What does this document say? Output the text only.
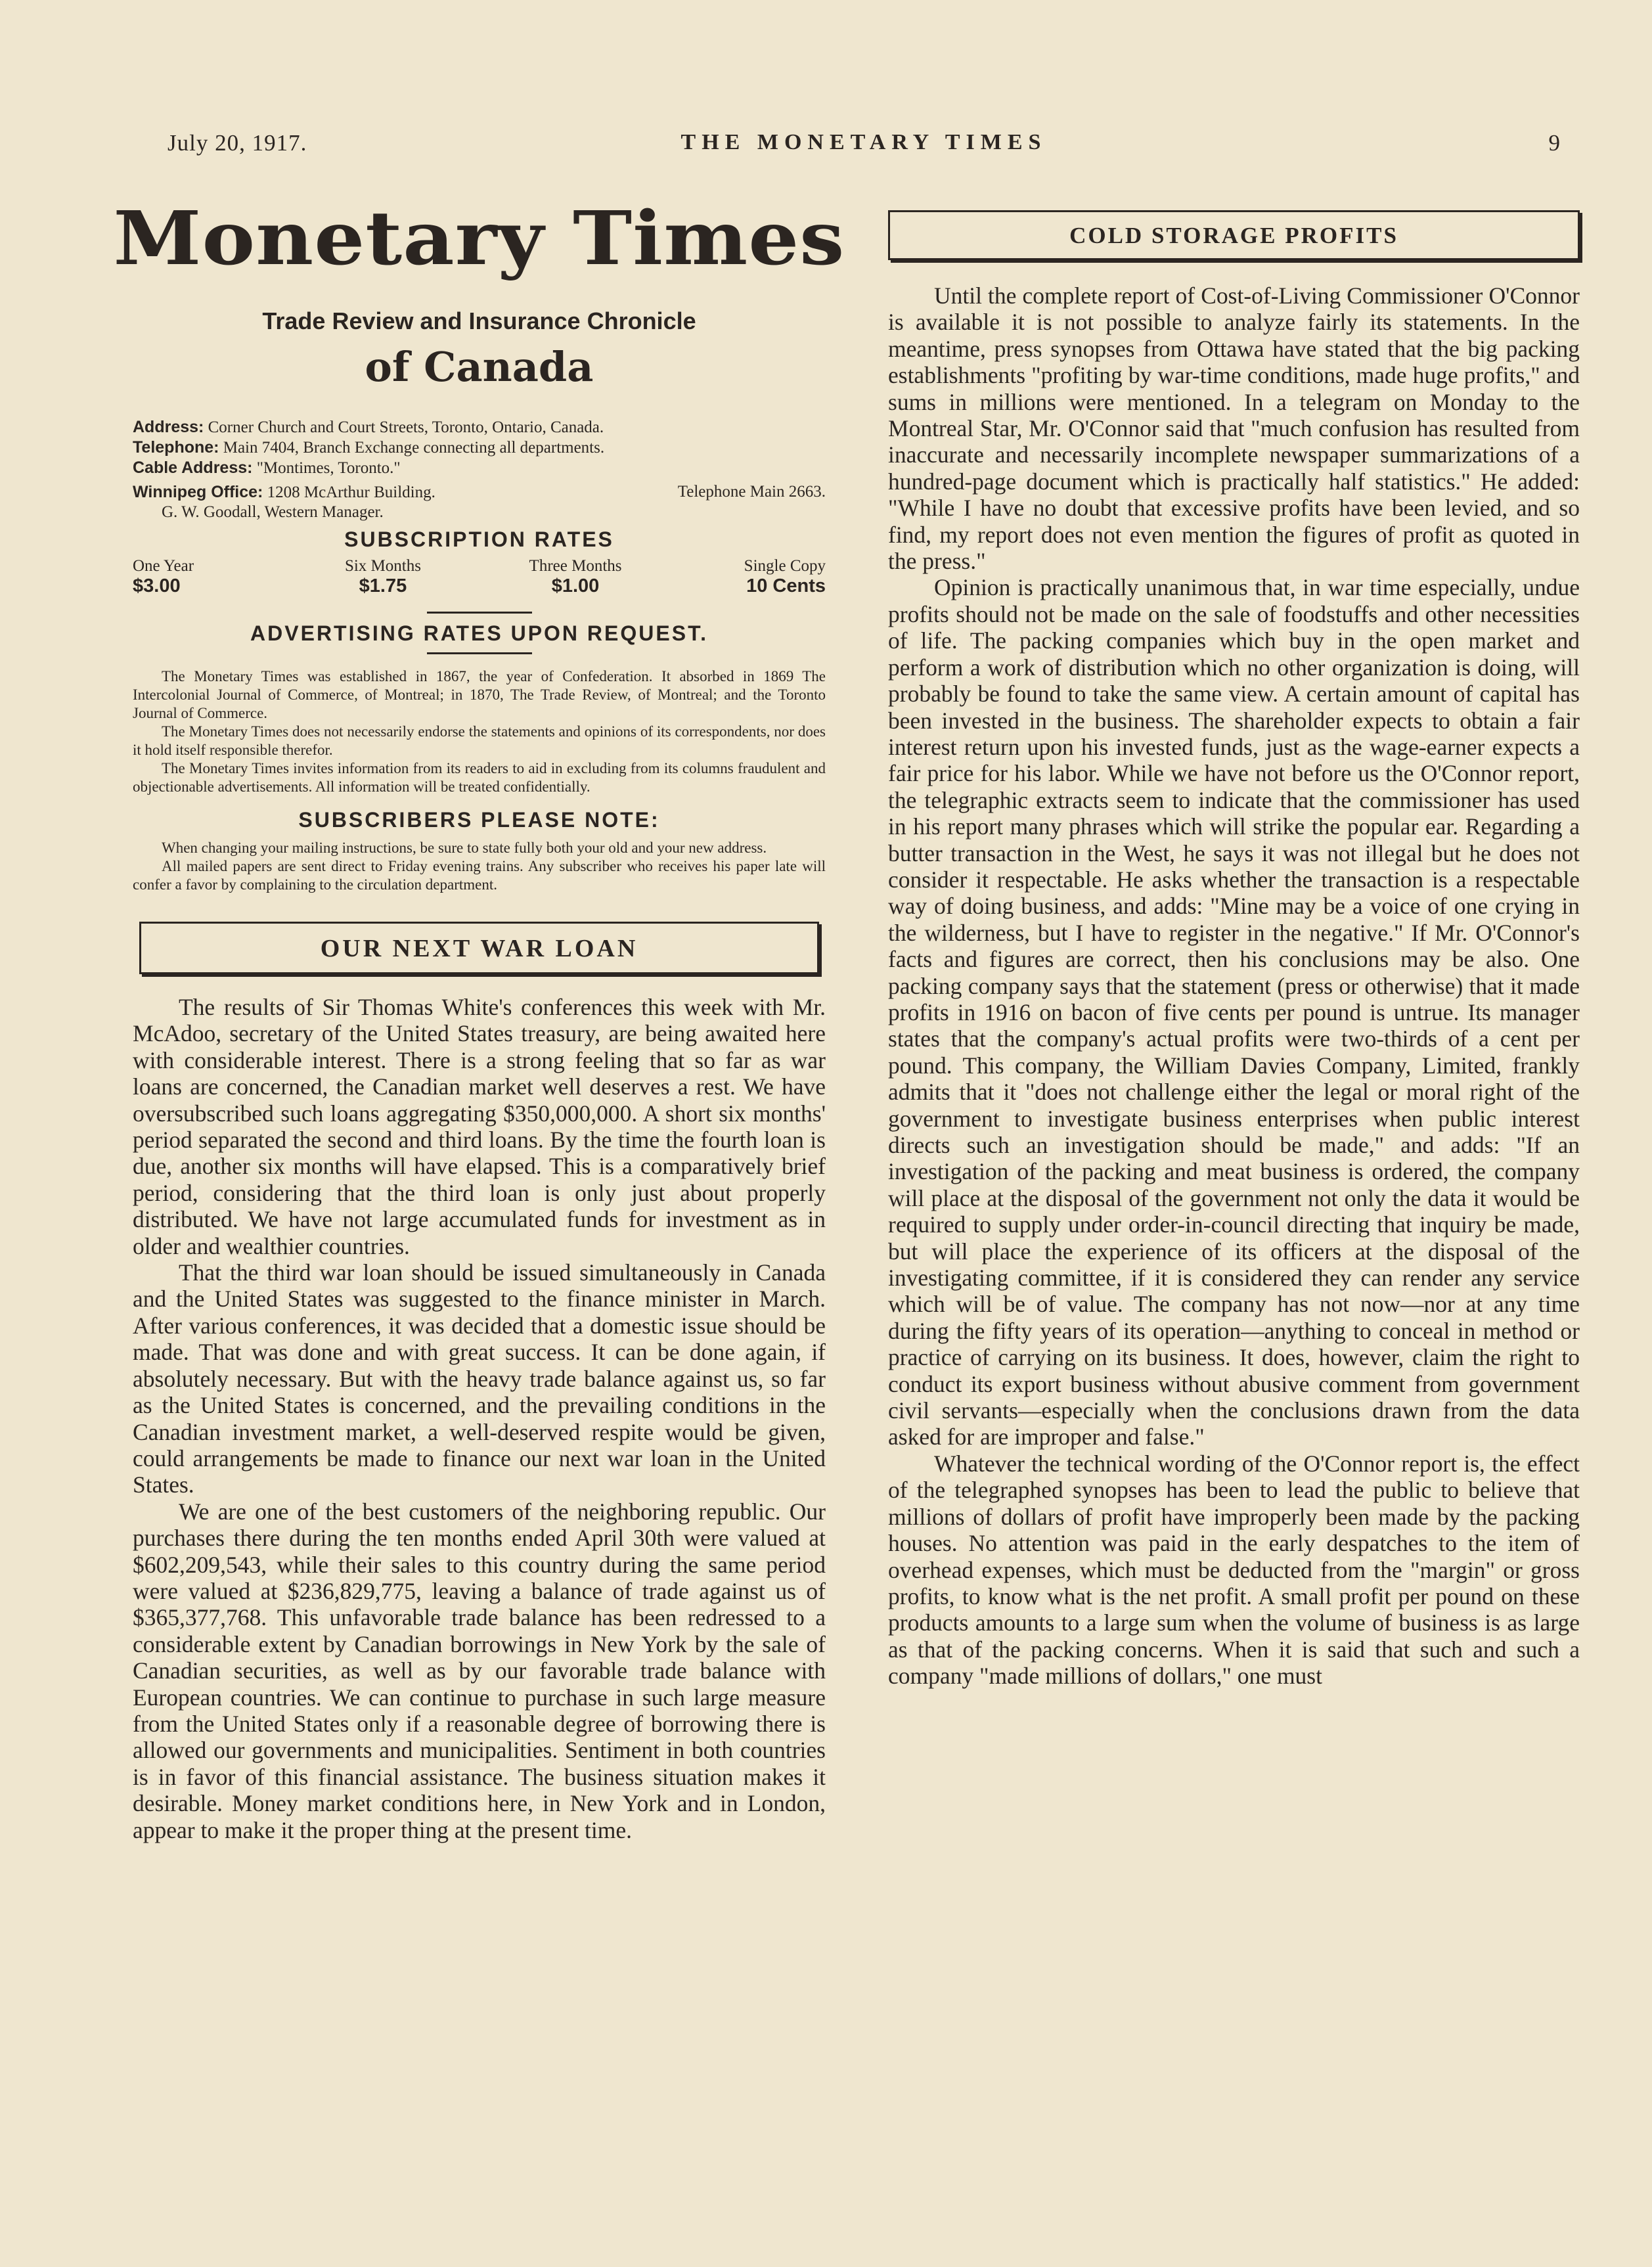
July 20, 1917.	THE MONETARY TIMES	9
Monetary Times
Trade Review and Insurance Chronicle
of Canada
Address: Corner Church and Court Streets, Toronto, Ontario, Canada.
Telephone: Main 7404, Branch Exchange connecting all departments.
Cable Address: "Montimes, Toronto."
Winnipeg Office: 1208 McArthur Building.	Telephone Main 2663.
G. W. Goodall, Western Manager.
SUBSCRIPTION RATES
One Year	Six Months	Three Months	Single Copy
$3.00	$1.75	$1.00	10 Cents
ADVERTISING RATES UPON REQUEST.

The Monetary Times was established in 1867, the year of Confederation. It absorbed in 1869 The Intercolonial Journal of Commerce, of Montreal; in 1870, The Trade Review, of Montreal; and the Toronto Journal of Commerce.

The Monetary Times does not necessarily endorse the statements and opinions of its correspondents, nor does it hold itself responsible therefor.

The Monetary Times invites information from its readers to aid in excluding from its columns fraudulent and objectionable advertisements. All information will be treated confidentially.

SUBSCRIBERS PLEASE NOTE:

When changing your mailing instructions, be sure to state fully both your old and your new address.

All mailed papers are sent direct to Friday evening trains. Any subscriber who receives his paper late will confer a favor by complaining to the circulation department.

OUR NEXT WAR LOAN

The results of Sir Thomas White's conferences this week with Mr. McAdoo, secretary of the United States treasury, are being awaited here with considerable interest. There is a strong feeling that so far as war loans are concerned, the Canadian market well deserves a rest. We have oversubscribed such loans aggregating $350,000,000. A short six months' period separated the second and third loans. By the time the fourth loan is due, another six months will have elapsed. This is a comparatively brief period, considering that the third loan is only just about properly distributed. We have not large accumulated funds for investment as in older and wealthier countries.

That the third war loan should be issued simultaneously in Canada and the United States was suggested to the finance minister in March. After various conferences, it was decided that a domestic issue should be made. That was done and with great success. It can be done again, if absolutely necessary. But with the heavy trade balance against us, so far as the United States is concerned, and the prevailing conditions in the Canadian investment market, a well-deserved respite would be given, could arrangements be made to finance our next war loan in the United States.

We are one of the best customers of the neighboring republic. Our purchases there during the ten months ended April 30th were valued at $602,209,543, while their sales to this country during the same period were valued at $236,829,775, leaving a balance of trade against us of $365,377,768. This unfavorable trade balance has been redressed to a considerable extent by Canadian borrowings in New York by the sale of Canadian securities, as well as by our favorable trade balance with European countries. We can continue to purchase in such large measure from the United States only if a reasonable degree of borrowing there is allowed our governments and municipalities. Sentiment in both countries is in favor of this financial assistance. The business situation makes it desirable. Money market conditions here, in New York and in London, appear to make it the proper thing at the present time.

COLD STORAGE PROFITS

Until the complete report of Cost-of-Living Commissioner O'Connor is available it is not possible to analyze fairly its statements. In the meantime, press synopses from Ottawa have stated that the big packing establishments "profiting by war-time conditions, made huge profits," and sums in millions were mentioned. In a telegram on Monday to the Montreal Star, Mr. O'Connor said that "much confusion has resulted from inaccurate and necessarily incomplete newspaper summarizations of a hundred-page document which is practically half statistics." He added: "While I have no doubt that excessive profits have been levied, and so find, my report does not even mention the figures of profit as quoted in the press."

Opinion is practically unanimous that, in war time especially, undue profits should not be made on the sale of foodstuffs and other necessities of life. The packing companies which buy in the open market and perform a work of distribution which no other organization is doing, will probably be found to take the same view. A certain amount of capital has been invested in the business. The shareholder expects to obtain a fair interest return upon his invested funds, just as the wage-earner expects a fair price for his labor. While we have not before us the O'Connor report, the telegraphic extracts seem to indicate that the commissioner has used in his report many phrases which will strike the popular ear. Regarding a butter transaction in the West, he says it was not illegal but he does not consider it respectable. He asks whether the transaction is a respectable way of doing business, and adds: "Mine may be a voice of one crying in the wilderness, but I have to register in the negative." If Mr. O'Connor's facts and figures are correct, then his conclusions may be also. One packing company says that the statement (press or otherwise) that it made profits in 1916 on bacon of five cents per pound is untrue. Its manager states that the company's actual profits were two-thirds of a cent per pound. This company, the William Davies Company, Limited, frankly admits that it "does not challenge either the legal or moral right of the government to investigate business enterprises when public interest directs such an investigation should be made," and adds: "If an investigation of the packing and meat business is ordered, the company will place at the disposal of the government not only the data it would be required to supply under order-in-council directing that inquiry be made, but will place the experience of its officers at the disposal of the investigating committee, if it is considered they can render any service which will be of value. The company has not now—nor at any time during the fifty years of its operation—anything to conceal in method or practice of carrying on its business. It does, however, claim the right to conduct its export business without abusive comment from government civil servants—especially when the conclusions drawn from the data asked for are improper and false."

Whatever the technical wording of the O'Connor report is, the effect of the telegraphed synopses has been to lead the public to believe that millions of dollars of profit have improperly been made by the packing houses. No attention was paid in the early despatches to the item of overhead expenses, which must be deducted from the "margin" or gross profits, to know what is the net profit. A small profit per pound on these products amounts to a large sum when the volume of business is as large as that of the packing concerns. When it is said that such and such a company "made millions of dollars," one must
